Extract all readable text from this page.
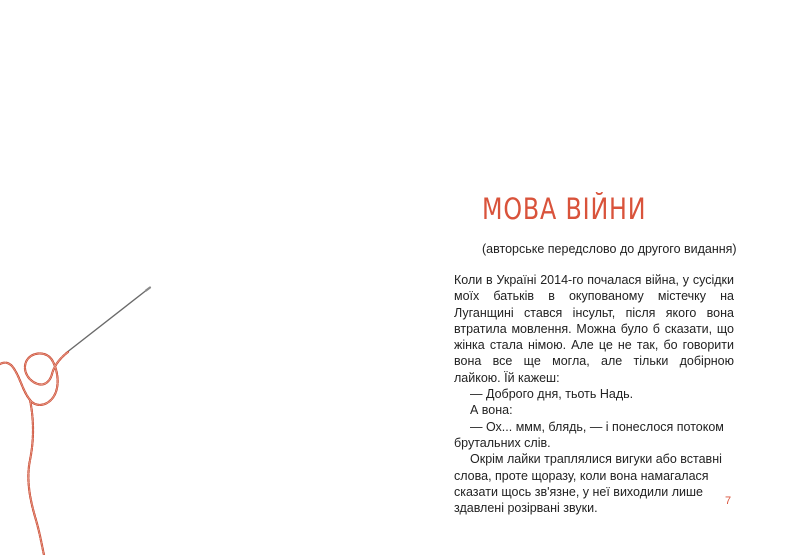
МОВА ВІЙНИ
(авторське передслово до другого видання)

Коли в Україні 2014-го почалася війна, у сусідки моїх батьків в окупованому містечку на Луганщині стався інсульт, після якого вона втратила мовлення. Можна було б сказати, що жінка стала німою. Але це не так, бо говорити вона все ще могла, але тільки добірною лайкою. Їй кажеш:

— Доброго дня, тьоть Надь.

А вона:

— Ох... ммм, блядь, — і понеслося потоком брутальних слів.

Окрім лайки траплялися вигуки або вставні слова, проте щоразу, коли вона намагалася сказати щось зв'язне, у неї виходили лише здавлені розірвані звуки.

7
